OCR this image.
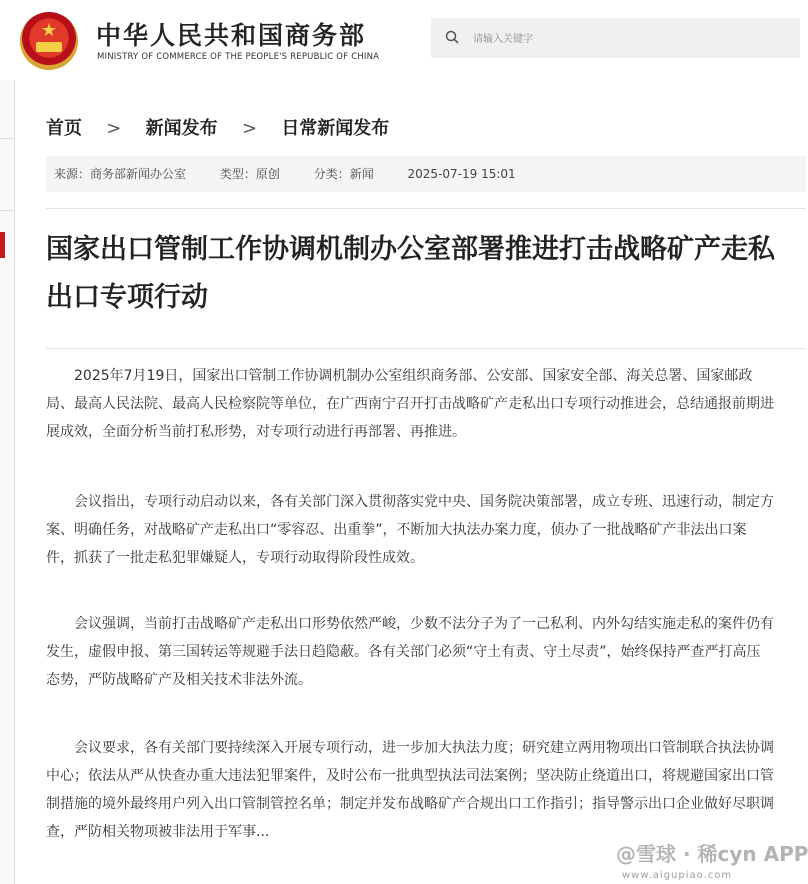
★ 中华人民共和国商务部
MINISTRY OF COMMERCE OF THE PEOPLE'S REPUBLIC OF CHINA
请输入关键字
首页 > 新闻发布 > 日常新闻发布
来源：商务部新闻办公室	类型：原创	分类：新闻	2025-07-19 15:01
国家出口管制工作协调机制办公室部署推进打击战略矿产走私出口专项行动

2025年7月19日，国家出口管制工作协调机制办公室组织商务部、公安部、国家安全部、海关总署、国家邮政局、最高人民法院、最高人民检察院等单位，在广西南宁召开打击战略矿产走私出口专项行动推进会，总结通报前期进展成效，全面分析当前打私形势，对专项行动进行再部署、再推进。

会议指出，专项行动启动以来，各有关部门深入贯彻落实党中央、国务院决策部署，成立专班、迅速行动，制定方案、明确任务，对战略矿产走私出口“零容忍、出重拳”，不断加大执法办案力度，侦办了一批战略矿产非法出口案件，抓获了一批走私犯罪嫌疑人，专项行动取得阶段性成效。

会议强调，当前打击战略矿产走私出口形势依然严峻，少数不法分子为了一己私利、内外勾结实施走私的案件仍有发生，虚假申报、第三国转运等规避手法日趋隐蔽。各有关部门必须“守土有责、守土尽责”，始终保持严查严打高压态势，严防战略矿产及相关技术非法外流。

会议要求，各有关部门要持续深入开展专项行动，进一步加大执法力度；研究建立两用物项出口管制联合执法协调中心；依法从严从快查办重大违法犯罪案件，及时公布一批典型执法司法案例；坚决防止绕道出口，将规避国家出口管制措施的境外最终用户列入出口管制管控名单；制定并发布战略矿产合规出口工作指引；指导警示出口企业做好尽职调查，严防相关物项被非法用于军事...

@雪球 · 稀cyn APP
www.aigupiao.com
